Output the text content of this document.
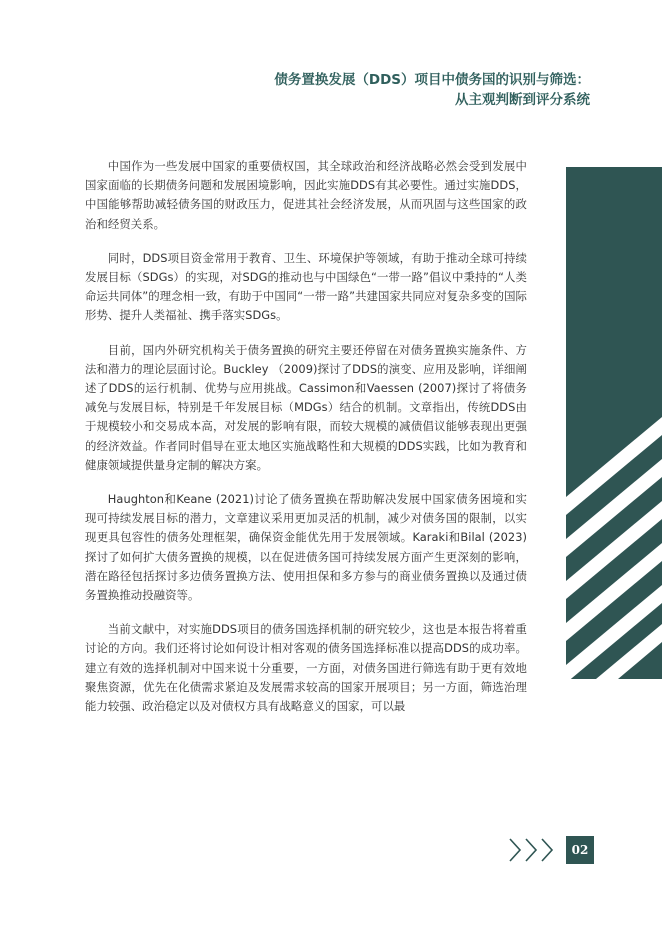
债务置换发展（DDS）项目中债务国的识别与筛选：
从主观判断到评分系统

中国作为一些发展中国家的重要债权国，其全球政治和经济战略必然会受到发展中国家面临的长期债务问题和发展困境影响，因此实施DDS有其必要性。通过实施DDS，中国能够帮助减轻债务国的财政压力，促进其社会经济发展，从而巩固与这些国家的政治和经贸关系。

同时，DDS项目资金常用于教育、卫生、环境保护等领域，有助于推动全球可持续发展目标（SDGs）的实现，对SDG的推动也与中国绿色“一带一路”倡议中秉持的“人类命运共同体”的理念相一致，有助于中国同“一带一路”共建国家共同应对复杂多变的国际形势、提升人类福祉、携手落实SDGs。

目前，国内外研究机构关于债务置换的研究主要还停留在对债务置换实施条件、方法和潜力的理论层面讨论。Buckley （2009)探讨了DDS的演变、应用及影响，详细阐述了DDS的运行机制、优势与应用挑战。Cassimon和Vaessen (2007)探讨了将债务减免与发展目标，特别是千年发展目标（MDGs）结合的机制。文章指出，传统DDS由于规模较小和交易成本高，对发展的影响有限，而较大规模的减债倡议能够表现出更强的经济效益。作者同时倡导在亚太地区实施战略性和大规模的DDS实践，比如为教育和健康领域提供量身定制的解决方案。

Haughton和Keane (2021)讨论了债务置换在帮助解决发展中国家债务困境和实现可持续发展目标的潜力，文章建议采用更加灵活的机制，减少对债务国的限制，以实现更具包容性的债务处理框架，确保资金能优先用于发展领域。Karaki和Bilal (2023)探讨了如何扩大债务置换的规模，以在促进债务国可持续发展方面产生更深刻的影响，潜在路径包括探讨多边债务置换方法、使用担保和多方参与的商业债务置换以及通过债务置换推动投融资等。

当前文献中，对实施DDS项目的债务国选择机制的研究较少，这也是本报告将着重讨论的方向。我们还将讨论如何设计相对客观的债务国选择标准以提高DDS的成功率。建立有效的选择机制对中国来说十分重要，一方面，对债务国进行筛选有助于更有效地聚焦资源，优先在化债需求紧迫及发展需求较高的国家开展项目；另一方面，筛选治理能力较强、政治稳定以及对债权方具有战略意义的国家，可以最

02
